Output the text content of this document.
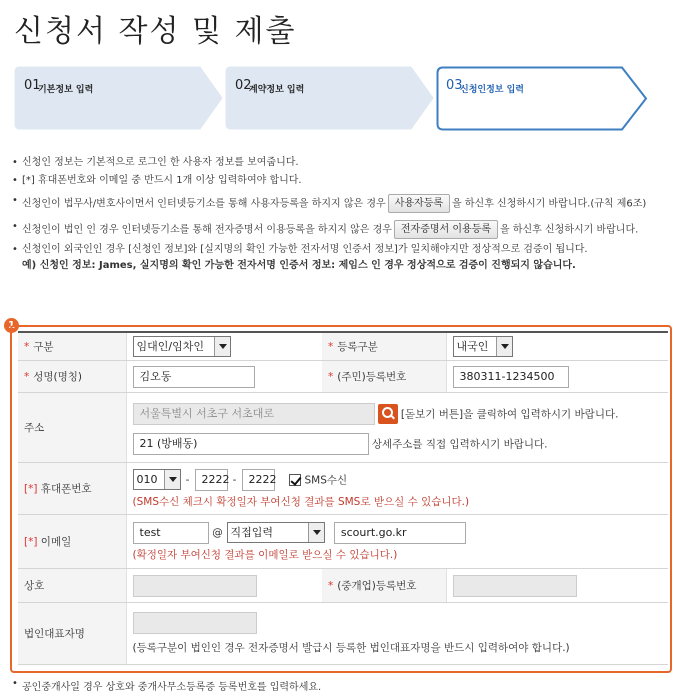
신청서 작성 및 제출
01
기본정보 입력	02
계약정보 입력	03
신청인정보 입력
• 신청인 정보는 기본적으로 로그인 한 사용자 정보를 보여줍니다.
• [*] 휴대폰번호와 이메일 중 반드시 1개 이상 입력하여야 합니다.
• 신청인이 법무사/변호사이면서 인터넷등기소를 통해 사용자등록을 하지지 않은 경우 사용자등록 을 하신후 신청하시기 바랍니다.(규칙 제6조)
• 신청인이 법인 인 경우 인터넷등기소를 통해 전자증명서 이용등록을 하지지 않은 경우 전자증명서 이용등록 을 하신후 신청하시기 바랍니다.
• 신청인이 외국인인 경우 [신청인 정보]와 [실지명의 확인 가능한 전자서명 인증서 정보]가 일치해야지만 정상적으로 검증이 됩니다.
예) 신청인 정보: James, 실지명의 확인 가능한 전자서명 인증서 정보: 제임스 인 경우 정상적으로 검증이 진행되지 않습니다.
1
* 구분	임대인/임차인	* 등록구분	내국인

* 성명(명칭)	김오동	* (주민)등록번호	380311-1234500
주소	서울특별시 서초구 서초대로 [돋보기 버튼]을 클릭하여 입력하시기 바랍니다.
21 (방배동) 상세주소를 직접 입력하시기 바랍니다.		

[*] 휴대폰번호	010 - 2222 - 2222 SMS수신
(SMS수신 체크시 확정일자 부여신청 결과를 SMS로 받으실 수 있습니다.)		

[*] 이메일	test @ 직접입력 scourt.go.kr
(확정일자 부여신청 결과를 이메일로 받으실 수 있습니다.)		

상호		* (중개업)등록번호	
법인대표자명	(등록구분이 법인인 경우 전자증명서 발급시 등록한 법인대표자명을 반드시 입력하여야 합니다.)		
• 공인중개사일 경우 상호와 중개사무소등록증 등록번호를 입력하세요.
